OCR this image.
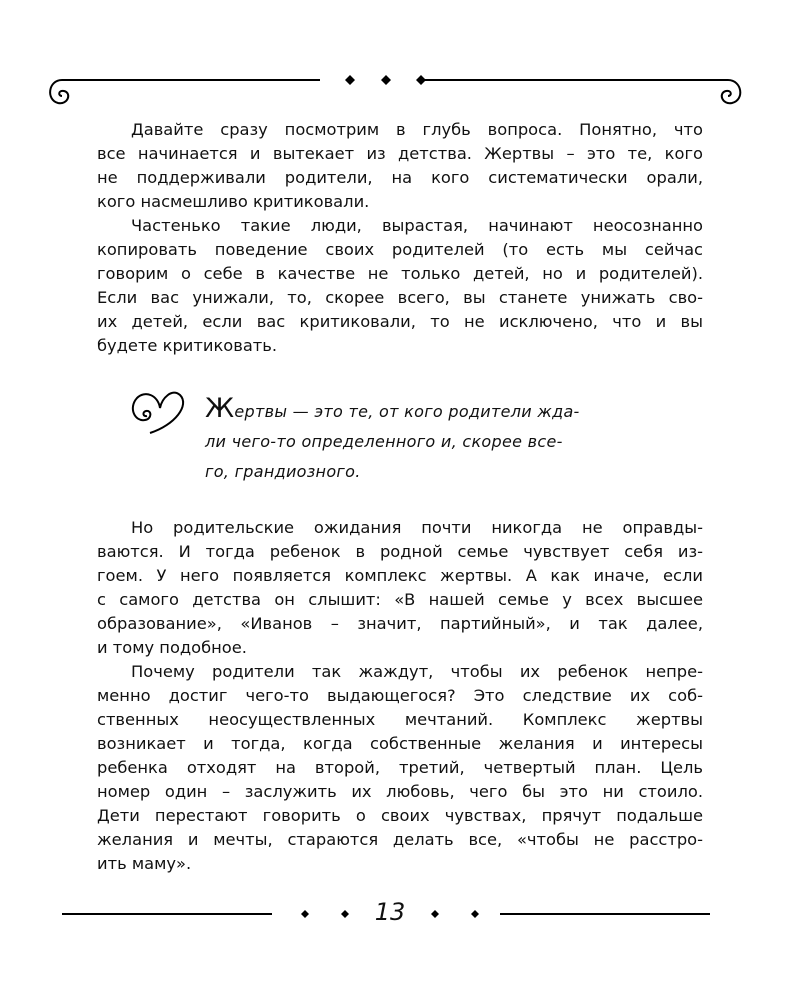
Давайте сразу посмотрим в глубь вопроса. Понятно, что
все начинается и вытекает из детства. Жертвы – это те, кого
не поддерживали родители, на кого систематически орали,
кого насмешливо критиковали.
Частенько такие люди, вырастая, начинают неосознанно
копировать поведение своих родителей (то есть мы сейчас
говорим о себе в качестве не только детей, но и родителей).
Если вас унижали, то, скорее всего, вы станете унижать сво-
их детей, если вас критиковали, то не исключено, что и вы
будете критиковать.
Жертвы — это те, от кого родители жда-
ли чего-то определенного и, скорее все-
го, грандиозного.
Но родительские ожидания почти никогда не оправды-
ваются. И тогда ребенок в родной семье чувствует себя из-
гоем. У него появляется комплекс жертвы. А как иначе, если
с самого детства он слышит: «В нашей семье у всех высшее
образование», «Иванов – значит, партийный», и так далее,
и тому подобное.
Почему родители так жаждут, чтобы их ребенок непре-
менно достиг чего-то выдающегося? Это следствие их соб-
ственных неосуществленных мечтаний. Комплекс жертвы
возникает и тогда, когда собственные желания и интересы
ребенка отходят на второй, третий, четвертый план. Цель
номер один – заслужить их любовь, чего бы это ни стоило.
Дети перестают говорить о своих чувствах, прячут подальше
желания и мечты, стараются делать все, «чтобы не расстро-
ить маму».
13
